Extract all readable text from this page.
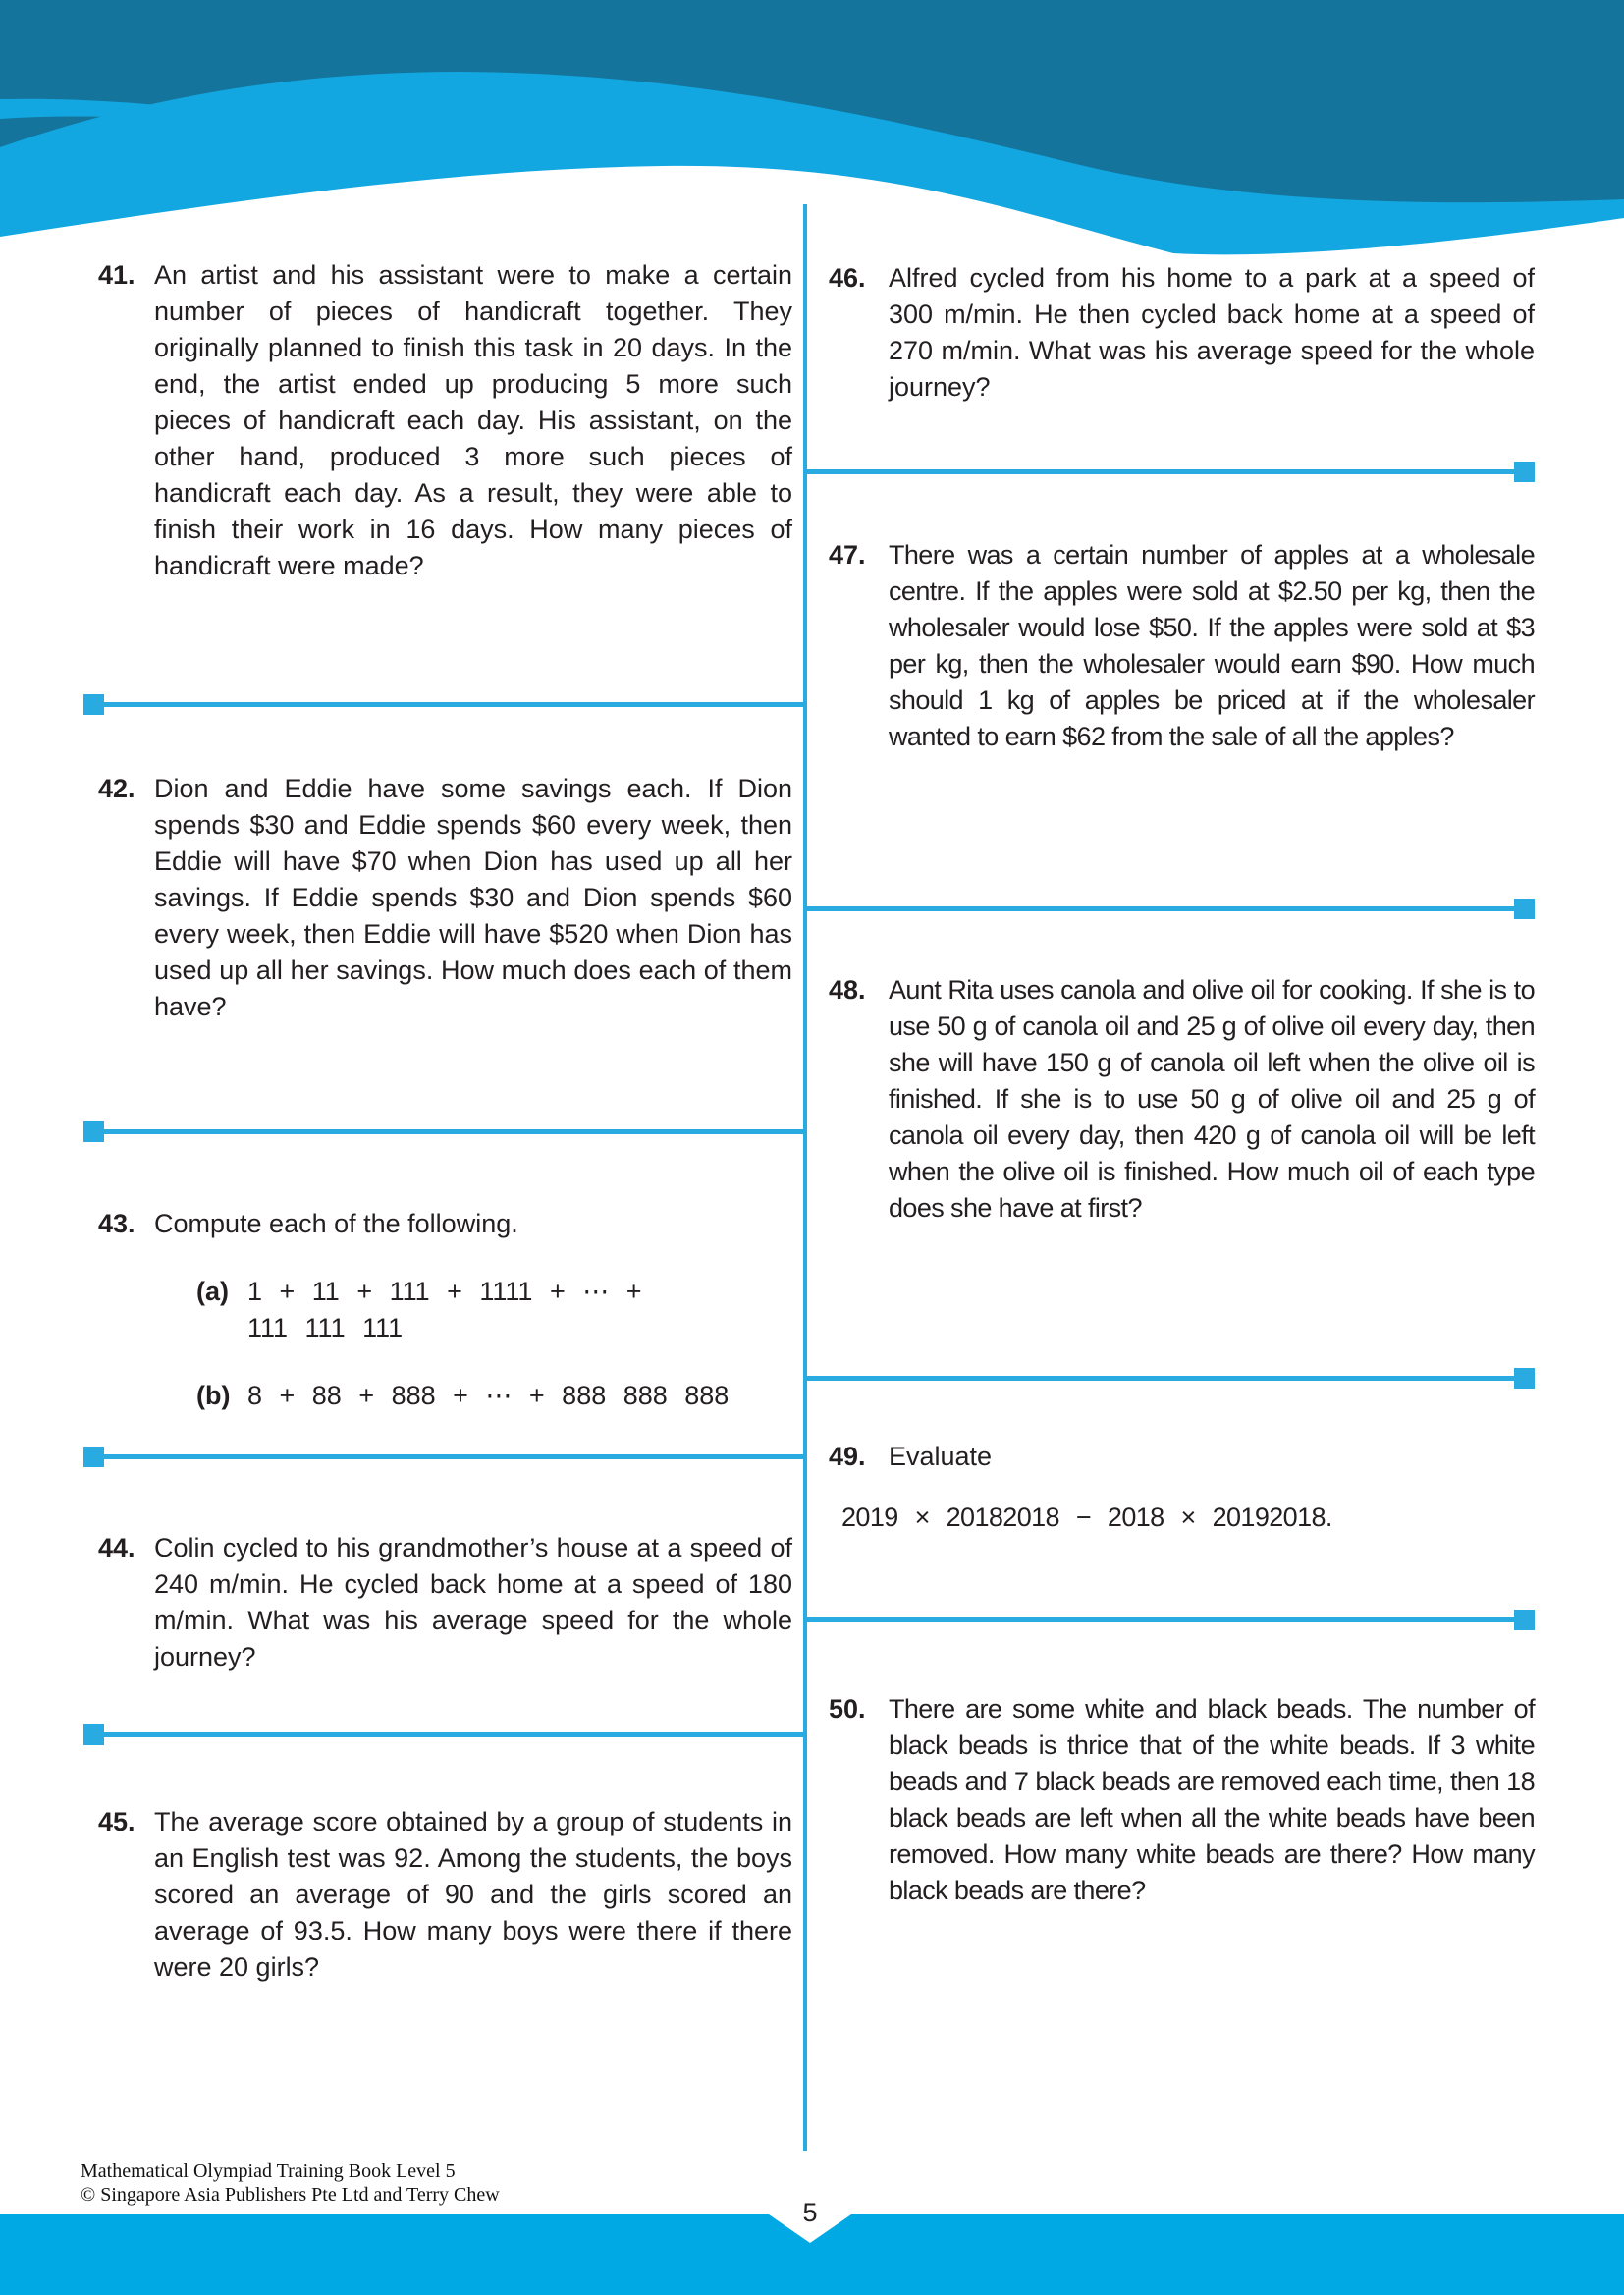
41. An artist and his assistant were to make a certain number of pieces of handicraft together. They originally planned to finish this task in 20 days. In the end, the artist ended up producing 5 more such pieces of handicraft each day. His assistant, on the other hand, produced 3 more such pieces of handicraft each day. As a result, they were able to finish their work in 16 days. How many pieces of handicraft were made?
42. Dion and Eddie have some savings each. If Dion spends $30 and Eddie spends $60 every week, then Eddie will have $70 when Dion has used up all her savings. If Eddie spends $30 and Dion spends $60 every week, then Eddie will have $520 when Dion has used up all her savings. How much does each of them have?
43. Compute each of the following.
(a) 1 + 11 + 111 + 1111 + ⋯ +
111 111 111
(b) 8 + 88 + 888 + ⋯ + 888 888 888
44. Colin cycled to his grandmother’s house at a speed of 240 m/min. He cycled back home at a speed of 180 m/min. What was his average speed for the whole journey?
45. The average score obtained by a group of students in an English test was 92. Among the students, the boys scored an average of 90 and the girls scored an average of 93.5. How many boys were there if there were 20 girls?
46. Alfred cycled from his home to a park at a speed of 300 m/min. He then cycled back home at a speed of 270 m/min. What was his average speed for the whole journey?
47. There was a certain number of apples at a wholesale centre. If the apples were sold at $2.50 per kg, then the wholesaler would lose $50. If the apples were sold at $3 per kg, then the wholesaler would earn $90. How much should 1 kg of apples be priced at if the wholesaler wanted to earn $62 from the sale of all the apples?
48. Aunt Rita uses canola and olive oil for cooking. If she is to use 50 g of canola oil and 25 g of olive oil every day, then she will have 150 g of canola oil left when the olive oil is finished. If she is to use 50 g of olive oil and 25 g of canola oil every day, then 420 g of canola oil will be left when the olive oil is finished. How much oil of each type does she have at first?
49. Evaluate
2019 × 20182018 − 2018 × 20192018.
50. There are some white and black beads. The number of black beads is thrice that of the white beads. If 3 white beads and 7 black beads are removed each time, then 18 black beads are left when all the white beads have been removed. How many white beads are there? How many black beads are there?
Mathematical Olympiad Training Book Level 5
© Singapore Asia Publishers Pte Ltd and Terry Chew
5
